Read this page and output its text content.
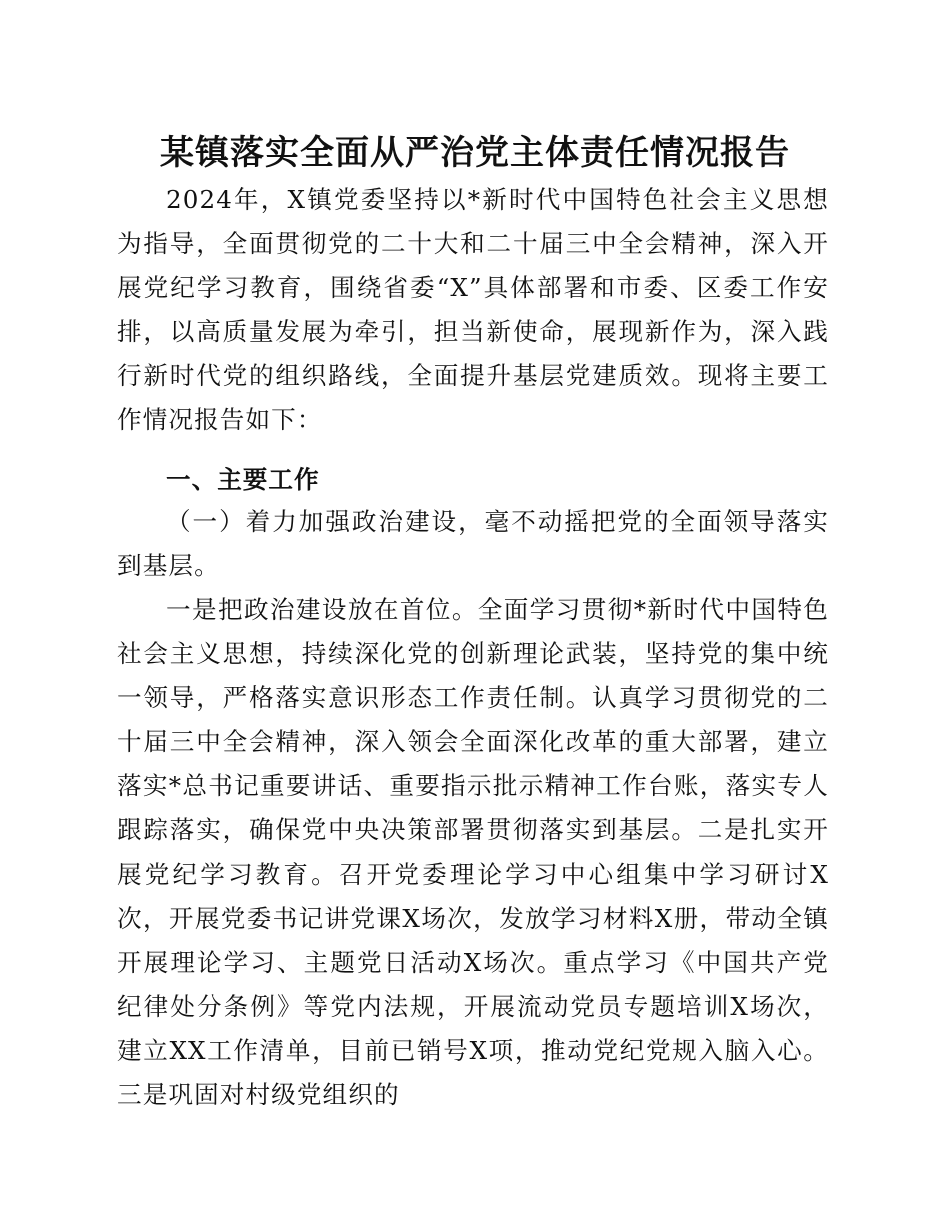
某镇落实全面从严治党主体责任情况报告

2024年，X镇党委坚持以*新时代中国特色社会主义思想为指导，全面贯彻党的二十大和二十届三中全会精神，深入开展党纪学习教育，围绕省委“X”具体部署和市委、区委工作安排，以高质量发展为牵引，担当新使命，展现新作为，深入践行新时代党的组织路线，全面提升基层党建质效。现将主要工作情况报告如下：

一、主要工作

（一）着力加强政治建设，毫不动摇把党的全面领导落实到基层。

一是把政治建设放在首位。全面学习贯彻*新时代中国特色社会主义思想，持续深化党的创新理论武装，坚持党的集中统一领导，严格落实意识形态工作责任制。认真学习贯彻党的二十届三中全会精神，深入领会全面深化改革的重大部署，建立落实*总书记重要讲话、重要指示批示精神工作台账，落实专人跟踪落实，确保党中央决策部署贯彻落实到基层。二是扎实开展党纪学习教育。召开党委理论学习中心组集中学习研讨X次，开展党委书记讲党课X场次，发放学习材料X册，带动全镇开展理论学习、主题党日活动X场次。重点学习《中国共产党纪律处分条例》等党内法规，开展流动党员专题培训X场次，建立XX工作清单，目前已销号X项，推动党纪党规入脑入心。三是巩固对村级党组织的
